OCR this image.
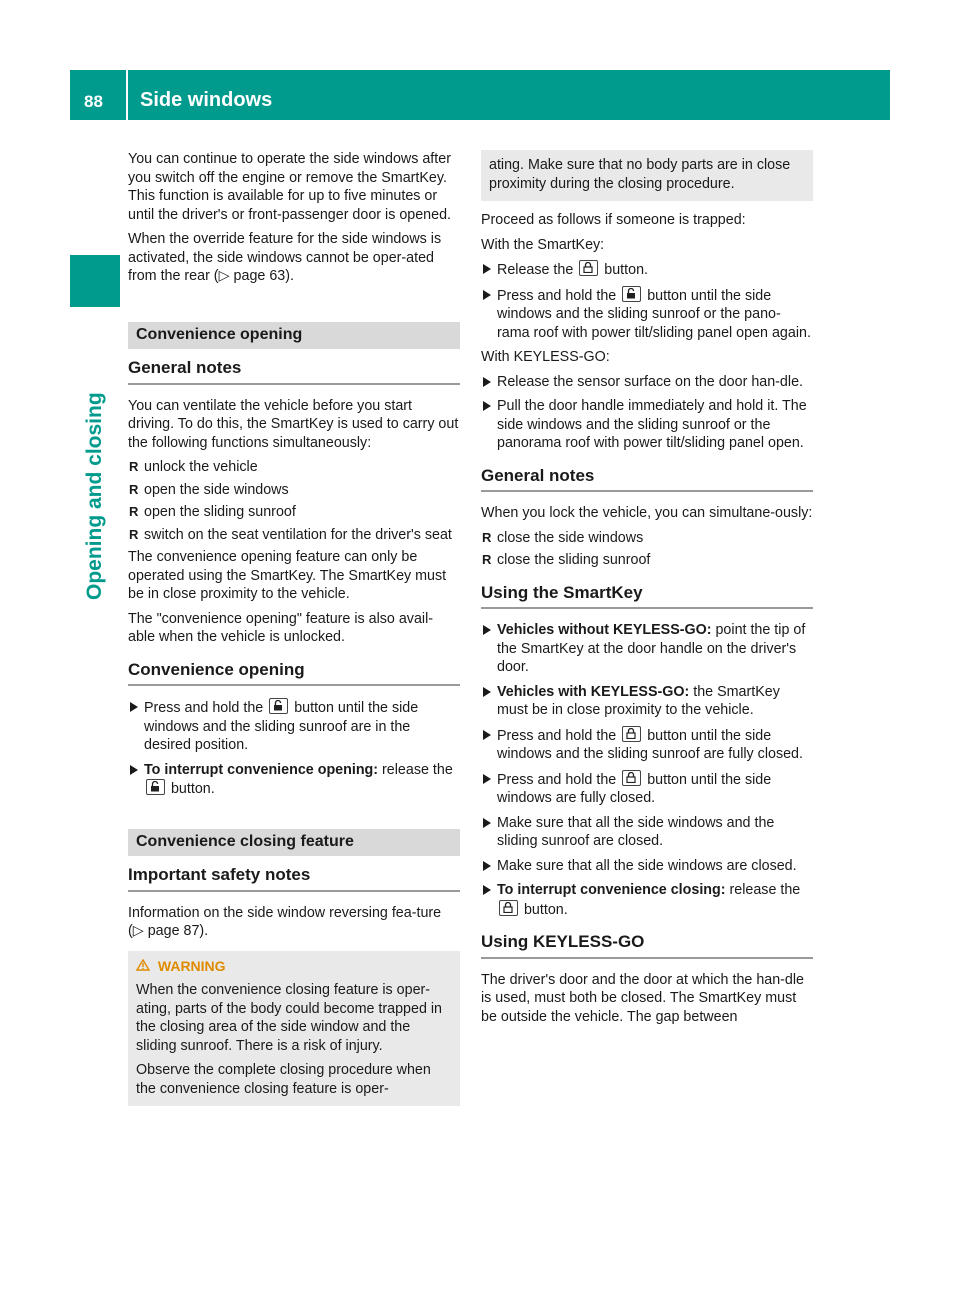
88 Side windows
Opening and closing

You can continue to operate the side windows after you switch off the engine or remove the SmartKey. This function is available for up to five minutes or until the driver's or front-passenger door is opened.

When the override feature for the side windows is activated, the side windows cannot be oper-ated from the rear (▷ page 63).

Convenience opening
General notes

You can ventilate the vehicle before you start driving. To do this, the SmartKey is used to carry out the following functions simultaneously:

R unlock the vehicle
R open the side windows
R open the sliding sunroof
R switch on the seat ventilation for the driver's seat

The convenience opening feature can only be operated using the SmartKey. The SmartKey must be in close proximity to the vehicle.

The "convenience opening" feature is also avail-able when the vehicle is unlocked.

Convenience opening
Press and hold the button until the side windows and the sliding sunroof are in the desired position.
To interrupt convenience opening: release the
button.
Convenience closing feature
Important safety notes

Information on the side window reversing fea-ture (▷ page 87).

WARNING

When the convenience closing feature is oper-ating, parts of the body could become trapped in the closing area of the side window and the sliding sunroof. There is a risk of injury.

Observe the complete closing procedure when the convenience closing feature is oper-

ating. Make sure that no body parts are in close proximity during the closing procedure.

Proceed as follows if someone is trapped:

With the SmartKey:

Release the button.
Press and hold the button until the side windows and the sliding sunroof or the pano-rama roof with power tilt/sliding panel open again.

With KEYLESS-GO:

Release the sensor surface on the door han-dle.
Pull the door handle immediately and hold it. The side windows and the sliding sunroof or the panorama roof with power tilt/sliding panel open.
General notes

When you lock the vehicle, you can simultane-ously:

R close the side windows
R close the sliding sunroof
Using the SmartKey
Vehicles without KEYLESS-GO: point the tip of the SmartKey at the door handle on the driver's door.
Vehicles with KEYLESS-GO: the SmartKey must be in close proximity to the vehicle.
Press and hold the button until the side windows and the sliding sunroof are fully closed.
Press and hold the button until the side windows are fully closed.
Make sure that all the side windows and the sliding sunroof are closed.
Make sure that all the side windows are closed.
To interrupt convenience closing: release the
button.
Using KEYLESS-GO

The driver's door and the door at which the han-dle is used, must both be closed. The SmartKey must be outside the vehicle. The gap between
